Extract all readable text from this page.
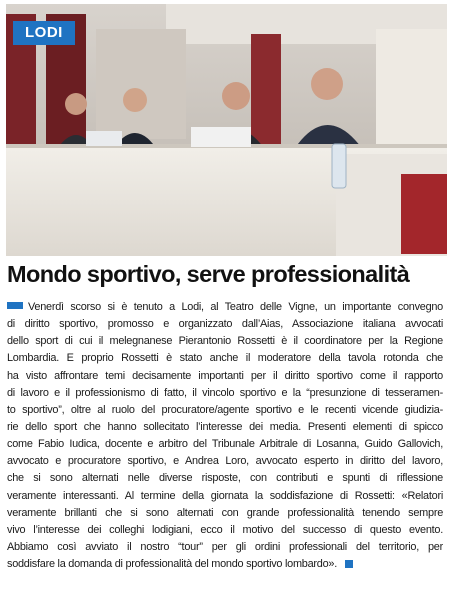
LODI
Mondo sportivo, serve professionalità
Venerdì scorso si è tenuto a Lodi, al Teatro delle Vigne, un importante convegno
di diritto sportivo, promosso e organizzato dall’Aias, Associazione italiana avvocati
dello sport di cui il melegnanese Pierantonio Rossetti è il coordinatore per la Regione
Lombardia. E proprio Rossetti è stato anche il moderatore della tavola rotonda che
ha visto affrontare temi decisamente importanti per il diritto sportivo come il rapporto
di lavoro e il professionismo di fatto, il vincolo sportivo e la “presunzione di tesseramen-
to sportivo”, oltre al ruolo del procuratore/agente sportivo e le recenti vicende giudizia-
rie dello sport che hanno sollecitato l’interesse dei media. Presenti elementi di spicco
come Fabio Iudica, docente e arbitro del Tribunale Arbitrale di Losanna, Guido Gallovich,
avvocato e procuratore sportivo, e Andrea Loro, avvocato esperto in diritto del lavoro,
che si sono alternati nelle diverse risposte, con contributi e spunti di riflessione
veramente interessanti. Al termine della giornata la soddisfazione di Rossetti: «Relatori
veramente brillanti che si sono alternati con grande professionalità tenendo sempre
vivo l’interesse dei colleghi lodigiani, ecco il motivo del successo di questo evento.
Abbiamo così avviato il nostro “tour” per gli ordini professionali del territorio, per
soddisfare la domanda di professionalità del mondo sportivo lombardo».
